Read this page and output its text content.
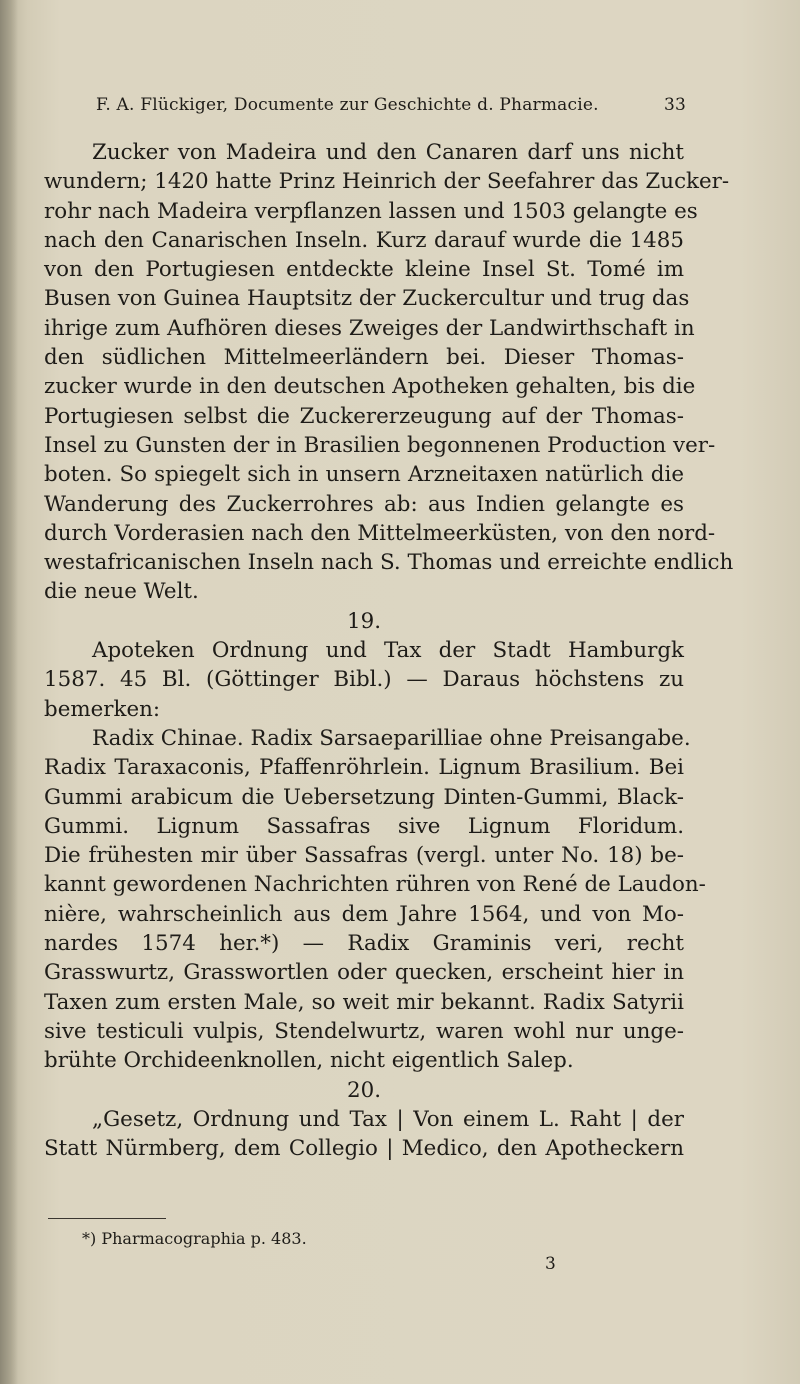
F. A. Flückiger, Documente zur Geschichte d. Pharmacie.	33
Zucker von Madeira und den Canaren darf uns nicht
wundern; 1420 hatte Prinz Heinrich der Seefahrer das Zucker-
rohr nach Madeira verpflanzen lassen und 1503 gelangte es
nach den Canarischen Inseln. Kurz darauf wurde die 1485
von den Portugiesen entdeckte kleine Insel St. Tomé im
Busen von Guinea Hauptsitz der Zuckercultur und trug das
ihrige zum Aufhören dieses Zweiges der Landwirthschaft in
den südlichen Mittelmeerländern bei. Dieser Thomas-
zucker wurde in den deutschen Apotheken gehalten, bis die
Portugiesen selbst die Zuckererzeugung auf der Thomas-
Insel zu Gunsten der in Brasilien begonnenen Production ver-
boten. So spiegelt sich in unsern Arzneitaxen natürlich die
Wanderung des Zuckerrohres ab: aus Indien gelangte es
durch Vorderasien nach den Mittelmeerküsten, von den nord-
westafricanischen Inseln nach S. Thomas und erreichte endlich
die neue Welt.
19.
Apoteken Ordnung und Tax der Stadt Hamburgk
1587. 45 Bl. (Göttinger Bibl.) — Daraus höchstens zu
bemerken:
Radix Chinae. Radix Sarsaeparilliae ohne Preisangabe.
Radix Taraxaconis, Pfaffenröhrlein. Lignum Brasilium. Bei
Gummi arabicum die Uebersetzung Dinten-Gummi, Black-
Gummi. Lignum Sassafras sive Lignum Floridum.
Die frühesten mir über Sassafras (vergl. unter No. 18) be-
kannt gewordenen Nachrichten rühren von René de Laudon-
nière, wahrscheinlich aus dem Jahre 1564, und von Mo-
nardes 1574 her.*) — Radix Graminis veri, recht
Grasswurtz, Grasswortlen oder quecken, erscheint hier in
Taxen zum ersten Male, so weit mir bekannt. Radix Satyrii
sive testiculi vulpis, Stendelwurtz, waren wohl nur unge-
brühte Orchideenknollen, nicht eigentlich Salep.
20.
„Gesetz, Ordnung und Tax | Von einem L. Raht | der
Statt Nürmberg, dem Collegio | Medico, den Apotheckern
*) Pharmacographia p. 483.
3
